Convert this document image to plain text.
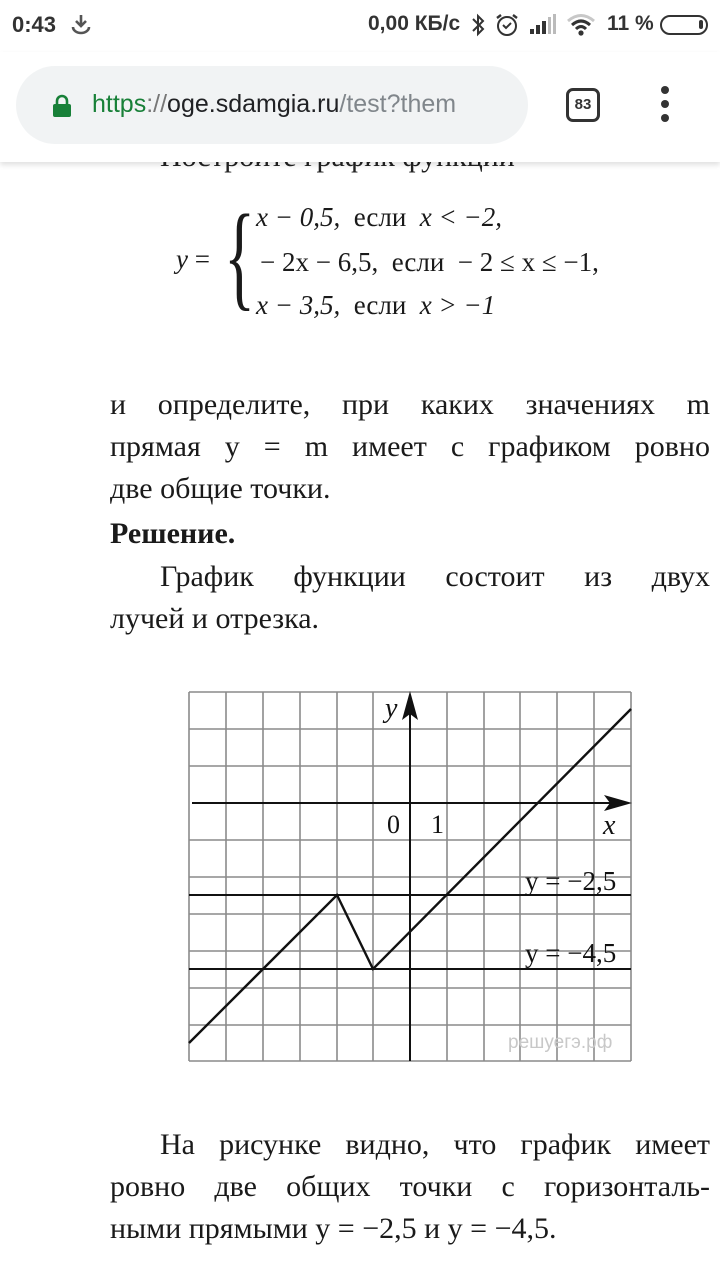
y = { x − 0,5, если x < −2,
− 2x − 6,5, если − 2 ≤ x ≤ −1,
x − 3,5, если x > −1
и определите, при каких значениях m
прямая y = m имеет с графиком ровно
две общие точки.
Решение.
График функции состоит из двух
лучей и отрезка.
y
x
0 1
y = −2,5
y = −4,5
решуегэ.рф
На рисунке видно, что график имеет
ровно две общих точки с горизонталь-
ными прямыми y = −2,5 и y = −4,5.
0:43	0,00 КБ/с	11 %
https://oge.sdamgia.ru/test?them	83
